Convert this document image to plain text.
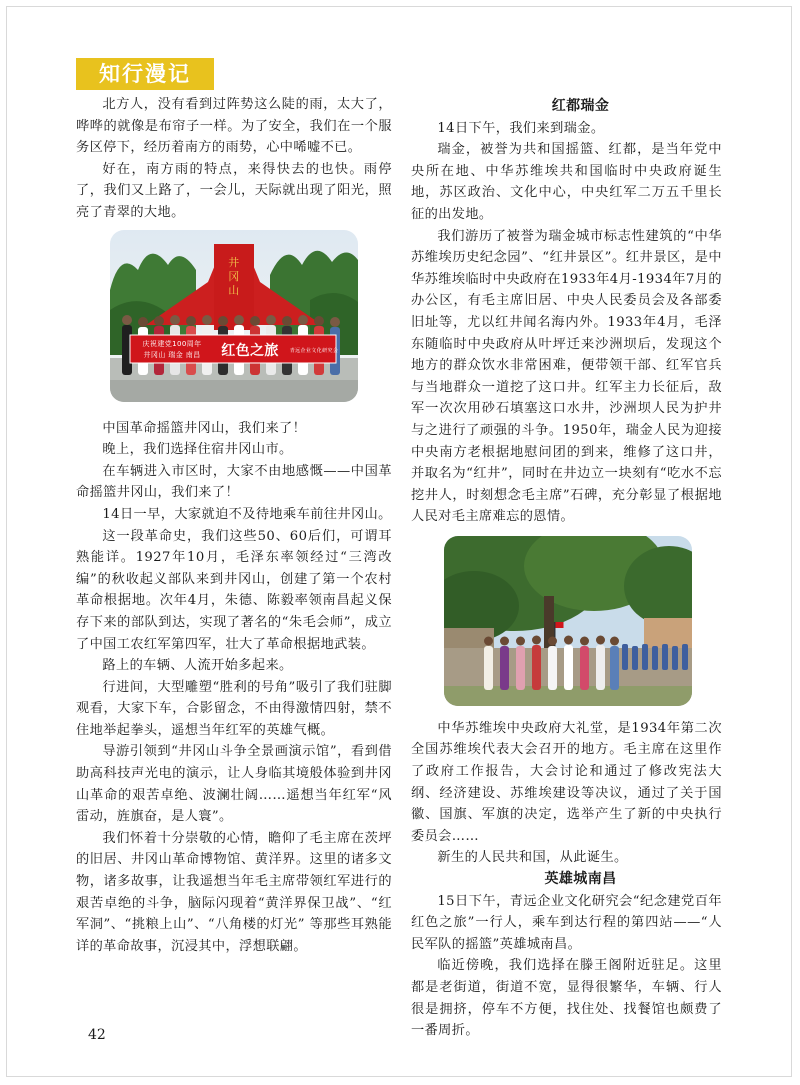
知行漫记

北方人，没有看到过阵势这么陡的雨，太大了，哗哗的就像是布帘子一样。为了安全，我们在一个服务区停下，经历着南方的雨势，心中唏嘘不已。

好在，南方雨的特点，来得快去的也快。雨停了，我们又上路了，一会儿，天际就出现了阳光，照亮了青翠的大地。

井冈山
庆祝建党100周年
井冈山 瑞金 南昌 红色之旅 青远企业文化研究会

中国革命摇篮井冈山，我们来了！

晚上，我们选择住宿井冈山市。

在车辆进入市区时，大家不由地感慨——中国革命摇篮井冈山，我们来了！

14日一早，大家就迫不及待地乘车前往井冈山。

这一段革命史，我们这些50、60后们，可谓耳熟能详。1927年10月，毛泽东率领经过“三湾改编”的秋收起义部队来到井冈山，创建了第一个农村革命根据地。次年4月，朱德、陈毅率领南昌起义保存下来的部队到达，实现了著名的“朱毛会师”，成立了中国工农红军第四军，壮大了革命根据地武装。

路上的车辆、人流开始多起来。

行进间，大型雕塑“胜利的号角”吸引了我们驻脚观看，大家下车，合影留念，不由得激情四射，禁不住地举起拳头，遥想当年红军的英雄气概。

导游引领到“井冈山斗争全景画演示馆”，看到借助高科技声光电的演示，让人身临其境般体验到井冈山革命的艰苦卓绝、波澜壮阔……遥想当年红军“风雷动，旌旗奋，是人寰”。

我们怀着十分崇敬的心情，瞻仰了毛主席在茨坪的旧居、井冈山革命博物馆、黄洋界。这里的诸多文物，诸多故事，让我遥想当年毛主席带领红军进行的艰苦卓绝的斗争，脑际闪现着“黄洋界保卫战”、“红军洞”、“挑粮上山”、“八角楼的灯光” 等那些耳熟能详的革命故事，沉浸其中，浮想联翩。

红都瑞金

14日下午，我们来到瑞金。

瑞金，被誉为共和国摇篮、红都，是当年党中央所在地、中华苏维埃共和国临时中央政府诞生地，苏区政治、文化中心，中央红军二万五千里长征的出发地。

我们游历了被誉为瑞金城市标志性建筑的“中华苏维埃历史纪念园”、“红井景区”。红井景区，是中华苏维埃临时中央政府在1933年4月-1934年7月的办公区，有毛主席旧居、中央人民委员会及各部委旧址等，尤以红井闻名海内外。1933年4月，毛泽东随临时中央政府从叶坪迁来沙洲坝后，发现这个地方的群众饮水非常困难，便带领干部、红军官兵与当地群众一道挖了这口井。红军主力长征后，敌军一次次用砂石填塞这口水井，沙洲坝人民为护井与之进行了顽强的斗争。1950年，瑞金人民为迎接中央南方老根据地慰问团的到来，维修了这口井，并取名为“红井”，同时在井边立一块刻有“吃水不忘挖井人，时刻想念毛主席”石碑，充分彰显了根据地人民对毛主席难忘的恩情。

中华苏维埃中央政府大礼堂，是1934年第二次全国苏维埃代表大会召开的地方。毛主席在这里作了政府工作报告，大会讨论和通过了修改宪法大纲、经济建设、苏维埃建设等决议，通过了关于国徽、国旗、军旗的决定，选举产生了新的中央执行委员会……

新生的人民共和国，从此诞生。

英雄城南昌

15日下午，青远企业文化研究会“纪念建党百年红色之旅”一行人，乘车到达行程的第四站——“人民军队的摇篮”英雄城南昌。

临近傍晚，我们选择在滕王阁附近驻足。这里都是老街道，街道不宽，显得很繁华，车辆、行人很是拥挤，停车不方便，找住处、找餐馆也颇费了一番周折。

42
